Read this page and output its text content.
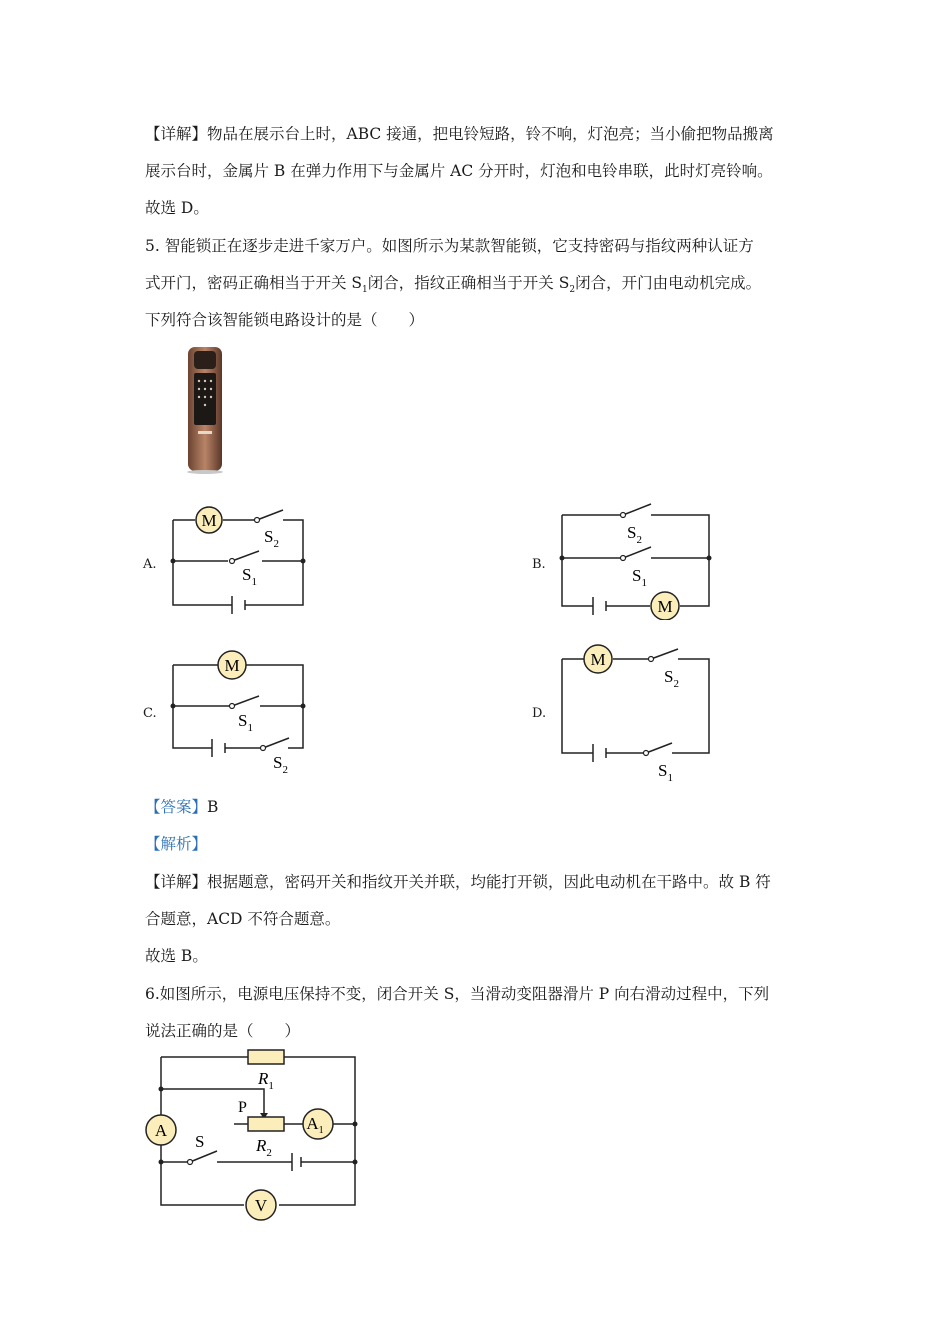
【详解】物品在展示台上时，ABC 接通，把电铃短路，铃不响，灯泡亮；当小偷把物品搬离
展示台时，金属片 B 在弹力作用下与金属片 AC 分开时，灯泡和电铃串联，此时灯亮铃响。
故选 D。
5. 智能锁正在逐步走进千家万户。如图所示为某款智能锁，它支持密码与指纹两种认证方
式开门，密码正确相当于开关 $S_1$闭合，指纹正确相当于开关 $S_2$闭合，开门由电动机完成。
下列符合该智能锁电路设计的是（　　）
A.	B.
C.	D.
M
$S_2$
$S_1$
M
$S_2$
$S_1$
M
$S_1$
$S_2$
M
$S_2$
$S_1$
【答案】B
【解析】
【详解】根据题意，密码开关和指纹开关并联，均能打开锁，因此电动机在干路中。故 B 符
合题意，ACD 不符合题意。
故选 B。
6.如图所示，电源电压保持不变，闭合开关 S，当滑动变阻器滑片 P 向右滑动过程中，下列
说法正确的是（　　）
A	$A_1$
V
$R_1$
P
$R_2$
S
